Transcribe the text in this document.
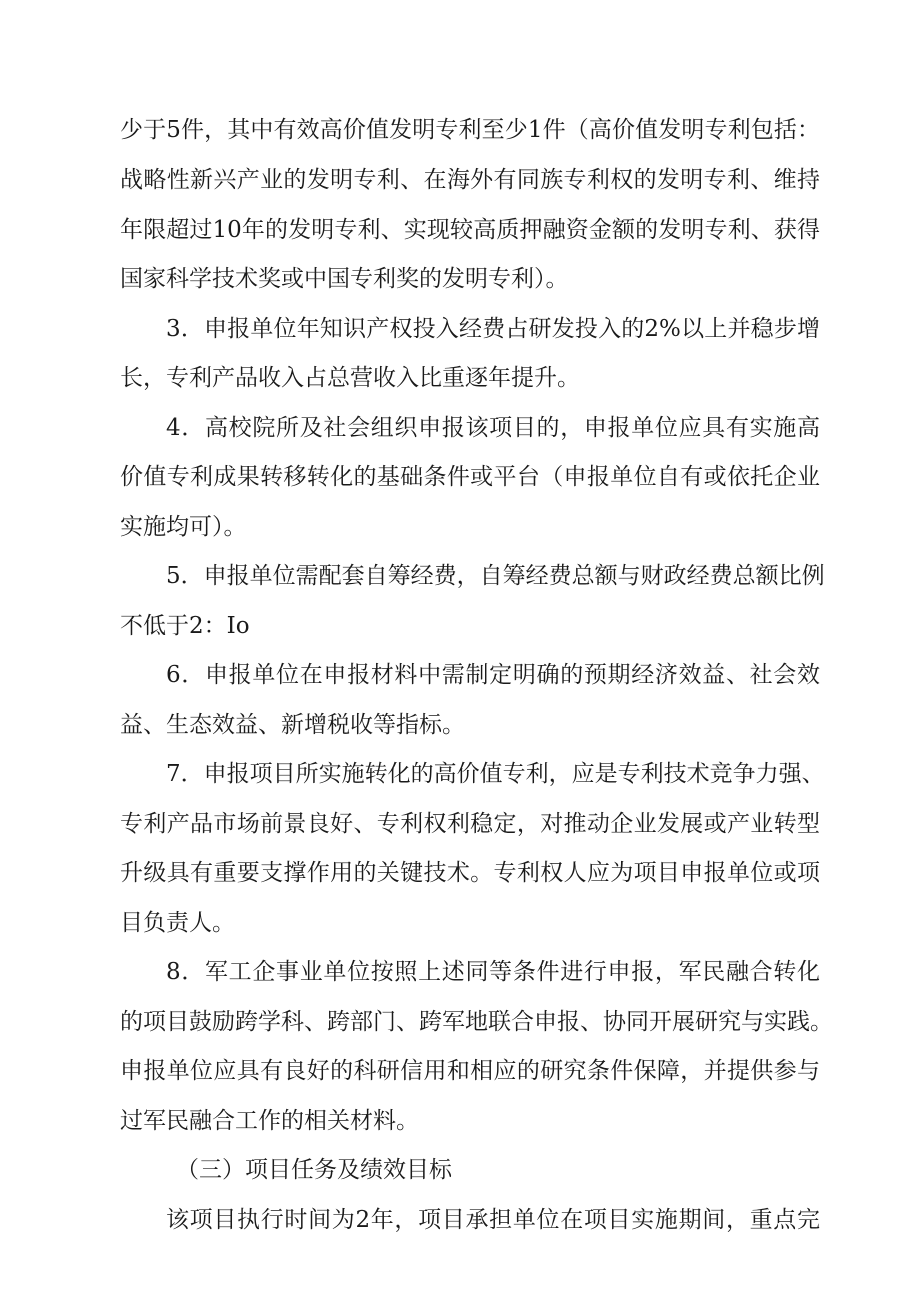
少于5件，其中有效高价值发明专利至少1件（高价值发明专利包括：
战略性新兴产业的发明专利、在海外有同族专利权的发明专利、维持
年限超过10年的发明专利、实现较高质押融资金额的发明专利、获得
国家科学技术奖或中国专利奖的发明专利）。
3．申报单位年知识产权投入经费占研发投入的2%以上并稳步增
长，专利产品收入占总营收入比重逐年提升。
4．高校院所及社会组织申报该项目的，申报单位应具有实施高
价值专利成果转移转化的基础条件或平台（申报单位自有或依托企业
实施均可）。
5．申报单位需配套自筹经费，自筹经费总额与财政经费总额比例
不低于2：Io
6．申报单位在申报材料中需制定明确的预期经济效益、社会效
益、生态效益、新增税收等指标。
7．申报项目所实施转化的高价值专利，应是专利技术竞争力强、
专利产品市场前景良好、专利权利稳定，对推动企业发展或产业转型
升级具有重要支撑作用的关键技术。专利权人应为项目申报单位或项
目负责人。
8．军工企事业单位按照上述同等条件进行申报，军民融合转化
的项目鼓励跨学科、跨部门、跨军地联合申报、协同开展研究与实践。
申报单位应具有良好的科研信用和相应的研究条件保障，并提供参与
过军民融合工作的相关材料。
（三）项目任务及绩效目标
该项目执行时间为2年，项目承担单位在项目实施期间，重点完
